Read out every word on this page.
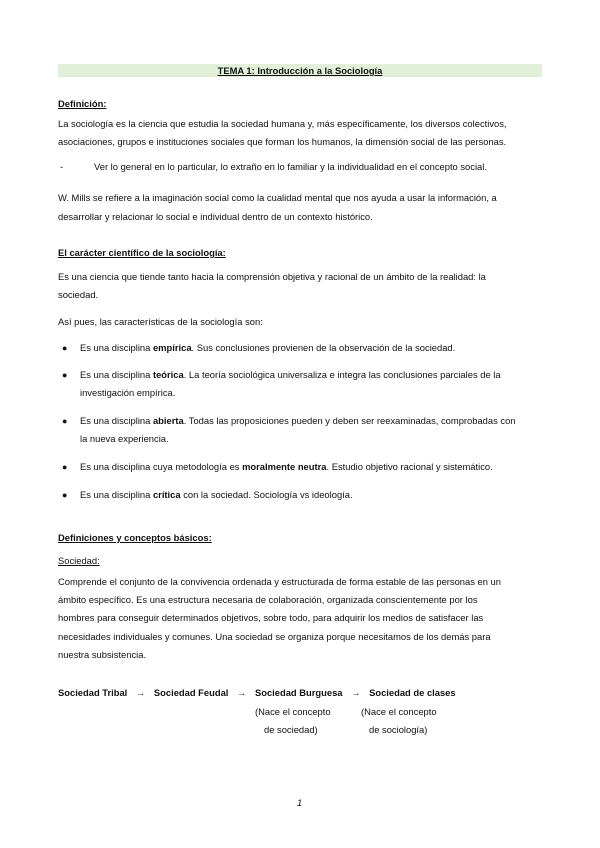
TEMA 1: Introducción a la Sociología
Definición:
La sociología es la ciencia que estudia la sociedad humana y, más específicamente, los diversos colectivos,
asociaciones, grupos e instituciones sociales que forman los humanos, la dimensión social de las personas.
-	Ver lo general en lo particular, lo extraño en lo familiar y la individualidad en el concepto social.
W. Mills se refiere a la imaginación social como la cualidad mental que nos ayuda a usar la información, a
desarrollar y relacionar lo social e individual dentro de un contexto histórico.
El carácter científico de la sociología:
Es una ciencia que tiende tanto hacia la comprensión objetiva y racional de un ámbito de la realidad: la
sociedad.
Así pues, las características de la sociología son:
● Es una disciplina empírica. Sus conclusiones provienen de la observación de la sociedad.
● Es una disciplina teórica. La teoría sociológica universaliza e integra las conclusiones parciales de la
investigación empírica.
● Es una disciplina abierta. Todas las proposiciones pueden y deben ser reexaminadas, comprobadas con
la nueva experiencia.
● Es una disciplina cuya metodología es moralmente neutra. Estudio objetivo racional y sistemático.
● Es una disciplina crítica con la sociedad. Sociología vs ideología.
Definiciones y conceptos básicos:
Sociedad:
Comprende el conjunto de la convivencia ordenada y estructurada de forma estable de las personas en un
ámbito específico. Es una estructura necesaria de colaboración, organizada conscientemente por los
hombres para conseguir determinados objetivos, sobre todo, para adquirir los medios de satisfacer las
necesidades individuales y comunes. Una sociedad se organiza porque necesitamos de los demás para
nuestra subsistencia.
Sociedad Tribal → Sociedad Feudal → Sociedad Burguesa → Sociedad de clases
(Nace el concepto
de sociedad)
(Nace el concepto
de sociología)
1
